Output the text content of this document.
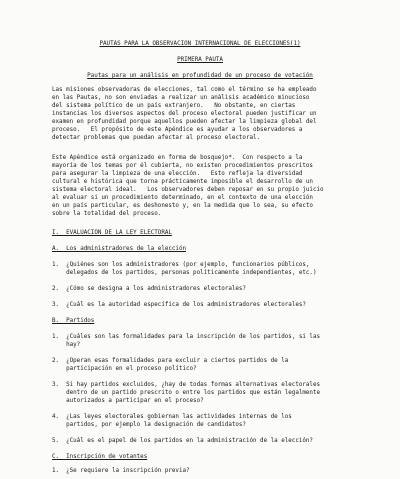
PAUTAS PARA LA OBSERVACION INTERNACIONAL DE ELECCIONES(1)
PRIMERA PAUTA
Pautas para un análisis en profundidad de un proceso de votación
Las misiones observadoras de elecciones, tal como el término se ha empleado
en las Pautas, no son enviadas a realizar un análisis académico minucioso
del sistema político de un país extranjero.   No obstante, en ciertas
instancias los diversos aspectos del proceso electoral pueden justificar un
examen en profundidad porque aquellos pueden afectar la limpieza global del
proceso.   El propósito de este Apéndice es ayudar a los observadores a
detectar problemas que puedan afectar al proceso electoral.
Este Apéndice está organizado en forma de bosquejo*.  Con respecto a la
mayoría de los temas por él cubierta, no existen procedimientos prescritos
para asegurar la limpieza de una elección.   Esto refleja la diversidad
cultural e histórica que torna prácticamente imposible el desarrollo de un
sistema electoral ideal.   Los observadores deben reposar en su propio juicio
al evaluar si un procedimiento determinado, en el contexto de una elección
en un país particular, es deshonesto y, en la medida que lo sea, su efecto
sobre la totalidad del proceso.
I.  EVALUACION DE LA LEY ELECTORAL
A.  Los administradores de la elección
1.  ¿Quiénes son los administradores (por ejemplo, funcionarios públicos,
delegados de los partidos, personas políticamente independientes, etc.)
2.  ¿Cómo se designa a los administradores electorales?
3.  ¿Cuál es la autoridad específica de los administradores electorales?
B.  Partidos
1.  ¿Cuáles son las formalidades para la inscripción de los partidos, si las
hay?
2.  ¿Operan esas formalidades para excluir a ciertos partidos de la
participación en el proceso político?
3.  Si hay partidos excluidos, ¿hay de todas formas alternativas electorales
dentro de un partido prescrito o entre los partidos que están legalmente
autorizados a participar en el proceso?
4.  ¿Las leyes electorales gobiernan las actividades internas de los
partidos, por ejemplo la designación de candidatos?
5.  ¿Cuál es el papel de los partidos en la administración de la elección?
C.  Inscripción de votantes
1.  ¿Se requiere la inscripción previa?
